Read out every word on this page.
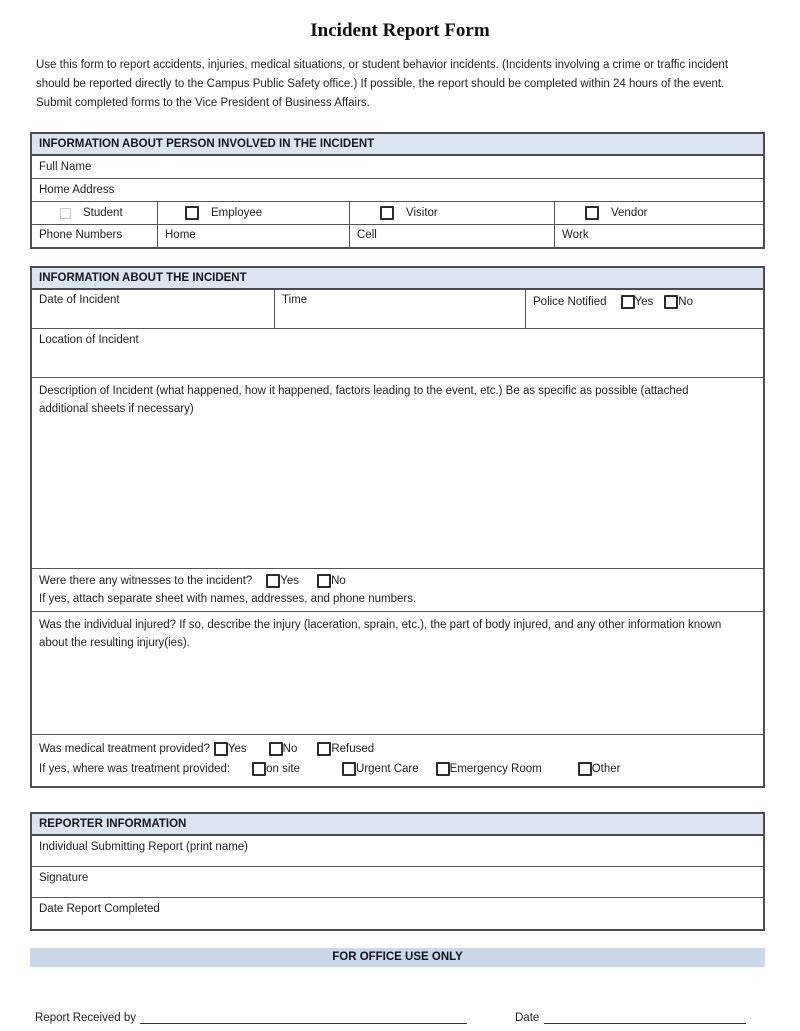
Incident Report Form
Use this form to report accidents, injuries, medical situations, or student behavior incidents. (Incidents involving a crime or traffic incident should be reported directly to the Campus Public Safety office.) If possible, the report should be completed within 24 hours of the event. Submit completed forms to the Vice President of Business Affairs.
INFORMATION ABOUT PERSON INVOLVED IN THE INCIDENT
Full Name
Home Address
Student	Employee	Visitor	Vendor
Phone Numbers	Home	Cell	Work
INFORMATION ABOUT THE INCIDENT
Date of Incident	Time	Police Notified Yes No
Location of Incident
Description of Incident (what happened, how it happened, factors leading to the event, etc.) Be as specific as possible (attached additional sheets if necessary)
Were there any witnesses to the incident? Yes	No
If yes, attach separate sheet with names, addresses, and phone numbers.
Was the individual injured? If so, describe the injury (laceration, sprain, etc.), the part of body injured, and any other information known about the resulting injury(ies).
Was medical treatment provided? Yes	No	Refused
If yes, where was treatment provided:	on site	Urgent Care	Emergency Room	Other
REPORTER INFORMATION
Individual Submitting Report (print name)
Signature
Date Report Completed
FOR OFFICE USE ONLY
Report Received by	Date
